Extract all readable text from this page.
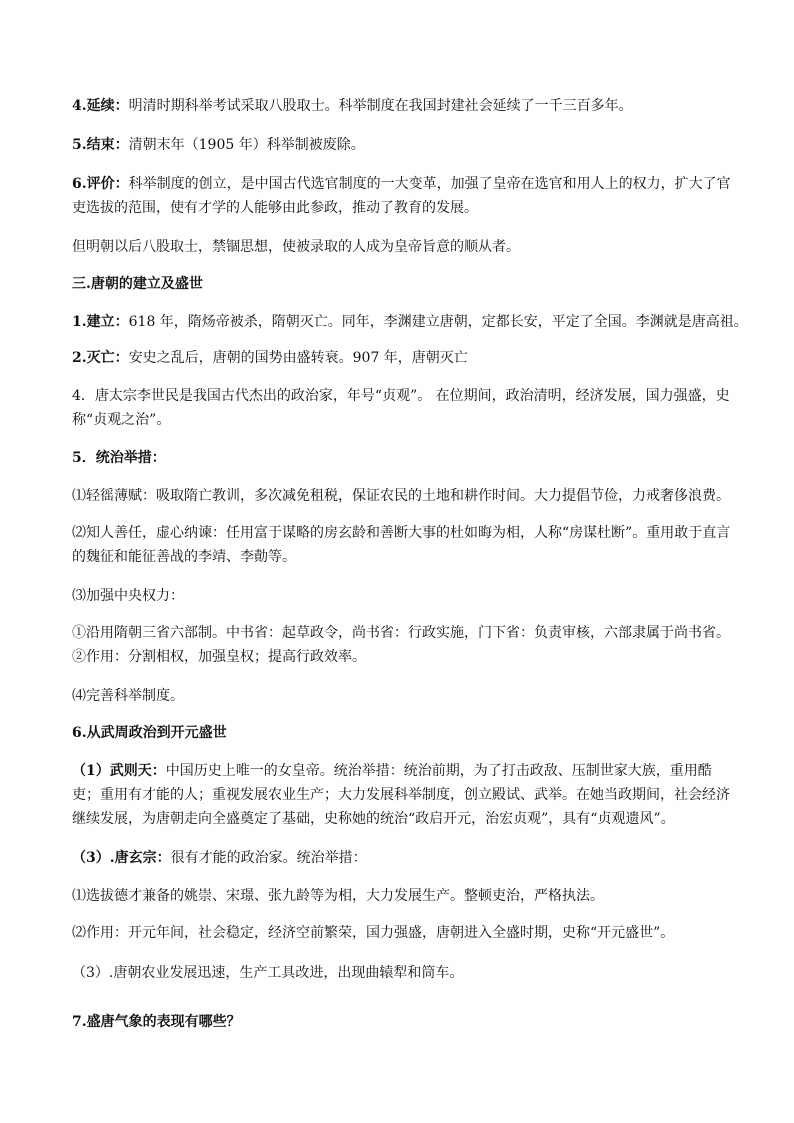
4.延续：明清时期科举考试采取八股取士。科举制度在我国封建社会延续了一千三百多年。
5.结束：清朝末年（1905 年）科举制被废除。
6.评价：科举制度的创立，是中国古代选官制度的一大变革，加强了皇帝在选官和用人上的权力，扩大了官吏选拔的范围，使有才学的人能够由此参政，推动了教育的发展。
但明朝以后八股取士，禁锢思想，使被录取的人成为皇帝旨意的顺从者。
三.唐朝的建立及盛世
1.建立：618 年，隋炀帝被杀，隋朝灭亡。同年，李渊建立唐朝，定都长安，平定了全国。李渊就是唐高祖。
2.灭亡：安史之乱后，唐朝的国势由盛转衰。907 年，唐朝灭亡
4．唐太宗李世民是我国古代杰出的政治家，年号“贞观”。 在位期间，政治清明，经济发展，国力强盛，史称“贞观之治”。
5．统治举措：
⑴轻徭薄赋：吸取隋亡教训，多次减免租税，保证农民的土地和耕作时间。大力提倡节俭，力戒奢侈浪费。
⑵知人善任，虚心纳谏：任用富于谋略的房玄龄和善断大事的杜如晦为相，人称“房谋杜断”。重用敢于直言的魏征和能征善战的李靖、李勣等。
⑶加强中央权力：
①沿用隋朝三省六部制。中书省：起草政令，尚书省：行政实施，门下省：负责审核，六部隶属于尚书省。②作用：分割相权，加强皇权；提高行政效率。
⑷完善科举制度。
6.从武周政治到开元盛世
（1）武则天：中国历史上唯一的女皇帝。统治举措：统治前期，为了打击政敌、压制世家大族，重用酷吏；重用有才能的人；重视发展农业生产；大力发展科举制度，创立殿试、武举。在她当政期间，社会经济继续发展，为唐朝走向全盛奠定了基础，史称她的统治“政启开元，治宏贞观”，具有“贞观遗风”。
（3）.唐玄宗：很有才能的政治家。统治举措：
⑴选拔德才兼备的姚崇、宋璟、张九龄等为相，大力发展生产。整顿吏治，严格执法。
⑵作用：开元年间，社会稳定，经济空前繁荣，国力强盛，唐朝进入全盛时期，史称“开元盛世”。
（3）.唐朝农业发展迅速，生产工具改进，出现曲辕犁和筒车。
7.盛唐气象的表现有哪些？
